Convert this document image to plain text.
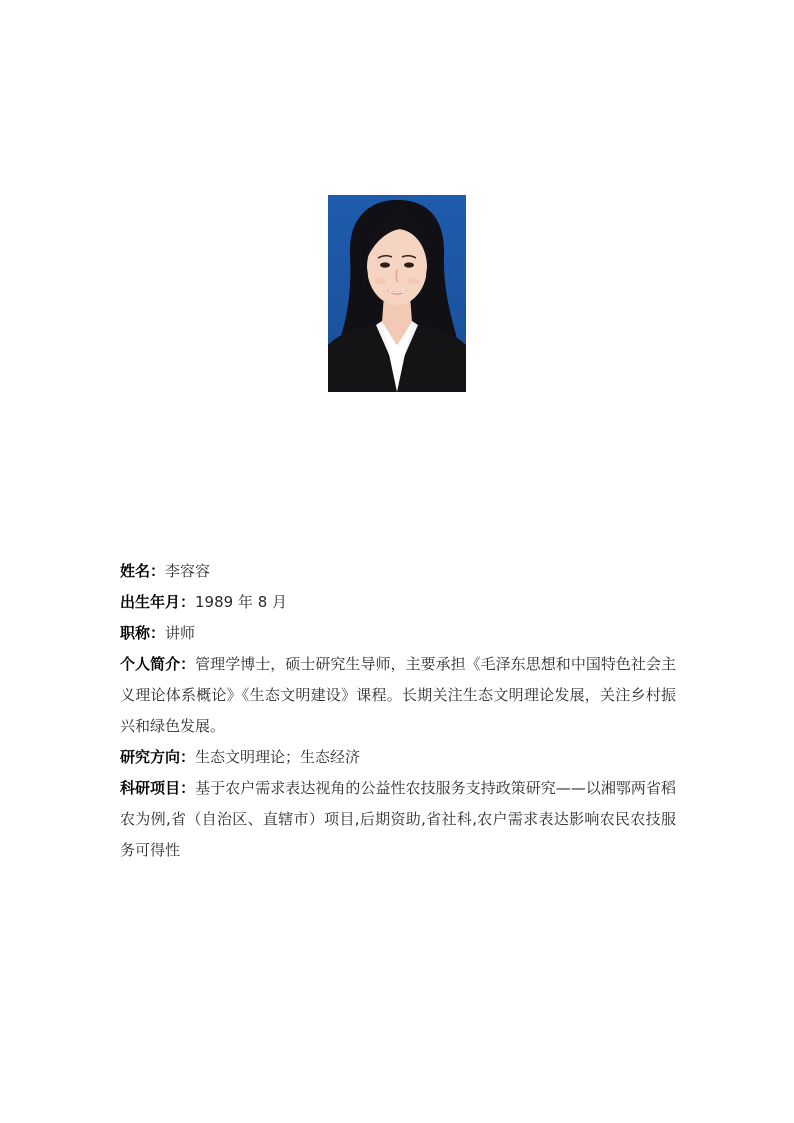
姓名：李容容

出生年月：1989 年 8 月

职称：讲师

个人简介：管理学博士，硕士研究生导师，主要承担《毛泽东思想和中国特色社会主义理论体系概论》《生态文明建设》课程。长期关注生态文明理论发展，关注乡村振兴和绿色发展。

研究方向：生态文明理论；生态经济

科研项目：基于农户需求表达视角的公益性农技服务支持政策研究——以湘鄂两省稻农为例,省（自治区、直辖市）项目,后期资助,省社科,农户需求表达影响农民农技服务可得性
